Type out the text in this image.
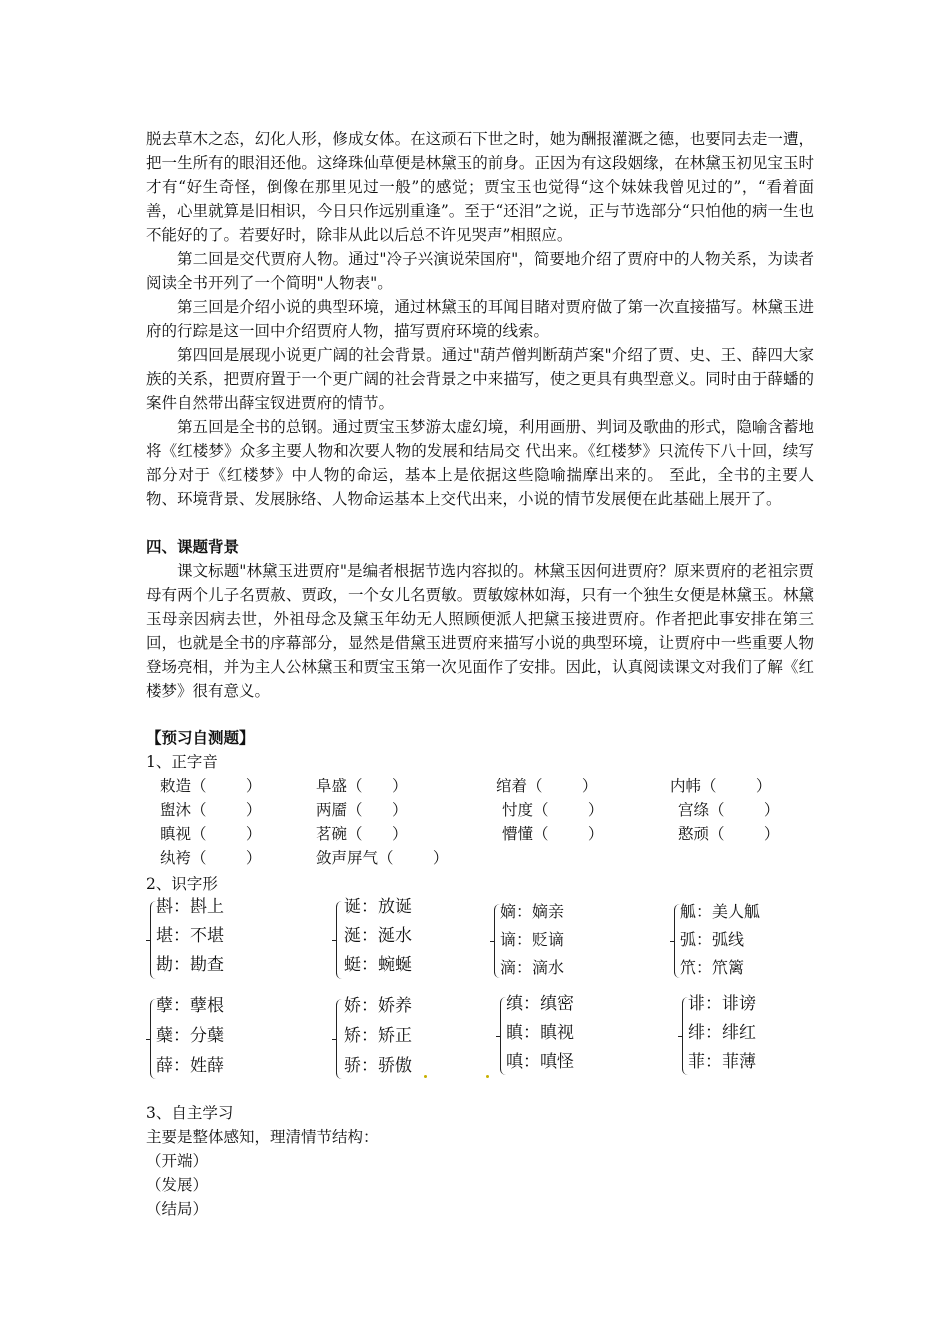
脱去草木之态，幻化人形，修成女体。在这顽石下世之时，她为酬报灌溉之德，也要同去走一遭，把一生所有的眼泪还他。这绛珠仙草便是林黛玉的前身。正因为有这段姻缘，在林黛玉初见宝玉时才有“好生奇怪，倒像在那里见过一般”的感觉；贾宝玉也觉得“这个妹妹我曾见过的”，“看着面善，心里就算是旧相识，今日只作远别重逢”。至于“还泪”之说，正与节选部分“只怕他的病一生也不能好的了。若要好时，除非从此以后总不许见哭声”相照应。

第二回是交代贾府人物。通过"冷子兴演说荣国府"，简要地介绍了贾府中的人物关系，为读者阅读全书开列了一个简明"人物表"。

第三回是介绍小说的典型环境，通过林黛玉的耳闻目睹对贾府做了第一次直接描写。林黛玉进府的行踪是这一回中介绍贾府人物，描写贾府环境的线索。

第四回是展现小说更广阔的社会背景。通过"葫芦僧判断葫芦案"介绍了贾、史、王、薛四大家族的关系，把贾府置于一个更广阔的社会背景之中来描写，使之更具有典型意义。同时由于薛蟠的案件自然带出薛宝钗进贾府的情节。

第五回是全书的总钢。通过贾宝玉梦游太虚幻境，利用画册、判词及歌曲的形式，隐喻含蓄地将《红楼梦》众多主要人物和次要人物的发展和结局交 代出来。《红楼梦》只流传下八十回，续写部分对于《红楼梦》中人物的命运，基本上是依据这些隐喻揣摩出来的。 至此，全书的主要人物、环境背景、发展脉络、人物命运基本上交代出来，小说的情节发展便在此基础上展开了。

四、课题背景

课文标题"林黛玉进贾府"是编者根据节选内容拟的。林黛玉因何进贾府？原来贾府的老祖宗贾母有两个儿子名贾赦、贾政，一个女儿名贾敏。贾敏嫁林如海，只有一个独生女便是林黛玉。林黛玉母亲因病去世，外祖母念及黛玉年幼无人照顾便派人把黛玉接进贾府。作者把此事安排在第三回，也就是全书的序幕部分，显然是借黛玉进贾府来描写小说的典型环境，让贾府中一些重要人物登场亮相，并为主人公林黛玉和贾宝玉第一次见面作了安排。因此，认真阅读课文对我们了解《红楼梦》很有意义。

【预习自测题】
1、正字音
敕造（        ）	阜盛（      ）	绾着（        ）	内帏（        ）
盥沐（        ）	两靥（      ）	忖度（        ）	宫绦（        ）
瞋视（        ）	茗碗（      ）	懵懂（        ）	憨顽（        ）
纨袴（        ）	敛声屏气（        ）
2、识字形
斟：斟上
堪：不堪
勘：勘查
诞：放诞
涎：涎水
蜓：蜿蜒
嫡：嫡亲
谪：贬谪
滴：滴水
觚：美人觚
弧：弧线
笊：笊篱
孽：孽根
蘖：分蘖
薛：姓薛
娇：娇养
矫：矫正
骄：骄傲
缜：缜密
瞋：瞋视
嗔：嗔怪
诽：诽谤
绯：绯红
菲：菲薄
3、自主学习
主要是整体感知，理清情节结构：
（开端）
（发展）
（结局）
